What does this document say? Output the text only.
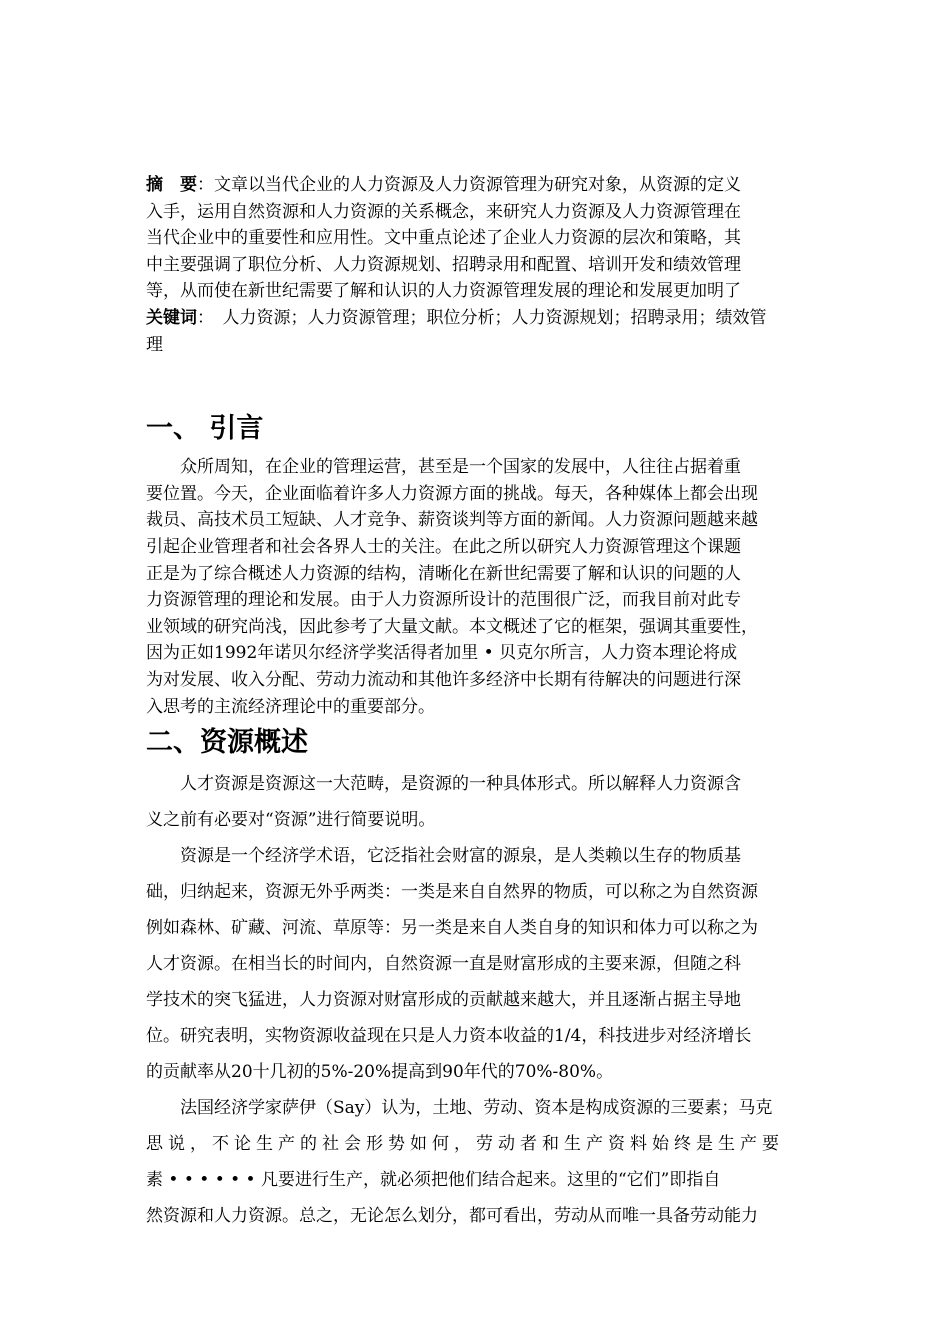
摘　要：文章以当代企业的人力资源及人力资源管理为研究对象，从资源的定义
入手，运用自然资源和人力资源的关系概念，来研究人力资源及人力资源管理在
当代企业中的重要性和应用性。文中重点论述了企业人力资源的层次和策略，其
中主要强调了职位分析、人力资源规划、招聘录用和配置、培训开发和绩效管理
等，从而使在新世纪需要了解和认识的人力资源管理发展的理论和发展更加明了
关键词：　人力资源；人力资源管理；职位分析；人力资源规划；招聘录用；绩效管
理
一、 引言
　　众所周知，在企业的管理运营，甚至是一个国家的发展中，人往往占据着重
要位置。今天，企业面临着许多人力资源方面的挑战。每天，各种媒体上都会出现
裁员、高技术员工短缺、人才竞争、薪资谈判等方面的新闻。人力资源问题越来越
引起企业管理者和社会各界人士的关注。在此之所以研究人力资源管理这个课题
正是为了综合概述人力资源的结构，清晰化在新世纪需要了解和认识的问题的人
力资源管理的理论和发展。由于人力资源所设计的范围很广泛，而我目前对此专
业领域的研究尚浅，因此参考了大量文献。本文概述了它的框架，强调其重要性，
因为正如1992年诺贝尔经济学奖活得者加里 • 贝克尔所言，人力资本理论将成
为对发展、收入分配、劳动力流动和其他许多经济中长期有待解决的问题进行深
入思考的主流经济理论中的重要部分。
二、资源概述
　　人才资源是资源这一大范畴，是资源的一种具体形式。所以解释人力资源含
义之前有必要对“资源”进行简要说明。
　　资源是一个经济学术语，它泛指社会财富的源泉，是人类赖以生存的物质基
础，归纳起来，资源无外乎两类：一类是来自自然界的物质，可以称之为自然资源
例如森林、矿藏、河流、草原等：另一类是来自人类自身的知识和体力可以称之为
人才资源。在相当长的时间内，自然资源一直是财富形成的主要来源，但随之科
学技术的突飞猛进，人力资源对财富形成的贡献越来越大，并且逐渐占据主导地
位。研究表明，实物资源收益现在只是人力资本收益的1/4，科技进步对经济增长
的贡献率从20十几初的5%-20%提高到90年代的70%-80%。
　　法国经济学家萨伊（Say）认为，土地、劳动、资本是构成资源的三要素；马克
思说，不论生产的社会形势如何，劳动者和生产资料始终是生产要
素 • • • • • • 凡要进行生产，就必须把他们结合起来。这里的“它们”即指自
然资源和人力资源。总之，无论怎么划分，都可看出，劳动从而唯一具备劳动能力
